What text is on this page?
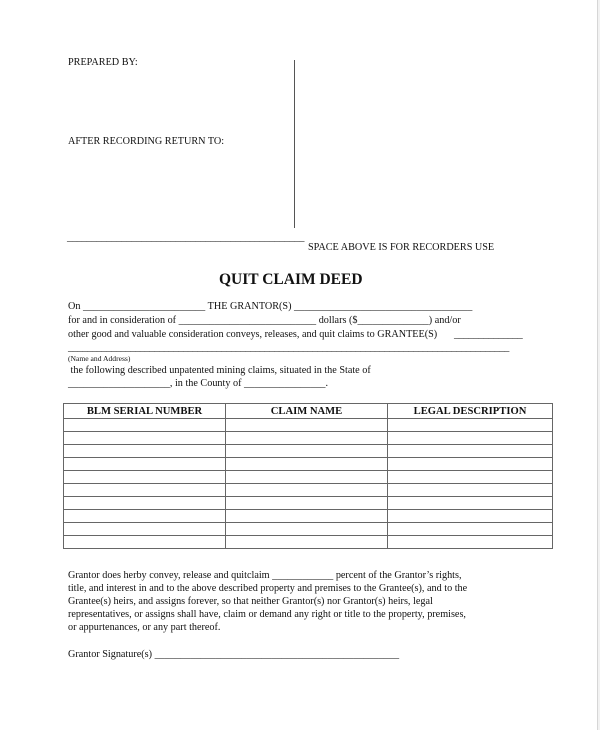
PREPARED BY:
AFTER RECORDING RETURN TO:
________________________________________________
SPACE ABOVE IS FOR RECORDERS USE
QUIT CLAIM DEED
On ________________________ THE GRANTOR(S) ___________________________________
for and in consideration of ___________________________ dollars ($______________) and/or
other good and valuable consideration conveys, releases, and quit claims to GRANTEE(S) ______________
____________________________________________________________________________________________
(Name and Address)
the following described unpatented mining claims, situated in the State of
____________________, in the County of ________________.
BLM SERIAL NUMBER	CLAIM NAME	LEGAL DESCRIPTION

Grantor does herby convey, release and quitclaim ____________ percent of the Grantor’s rights,
title, and interest in and to the above described property and premises to the Grantee(s), and to the
Grantee(s) heirs, and assigns forever, so that neither Grantor(s) nor Grantor(s) heirs, legal
representatives, or assigns shall have, claim or demand any right or title to the property, premises,
or appurtenances, or any part thereof.
Grantor Signature(s) ________________________________________________
